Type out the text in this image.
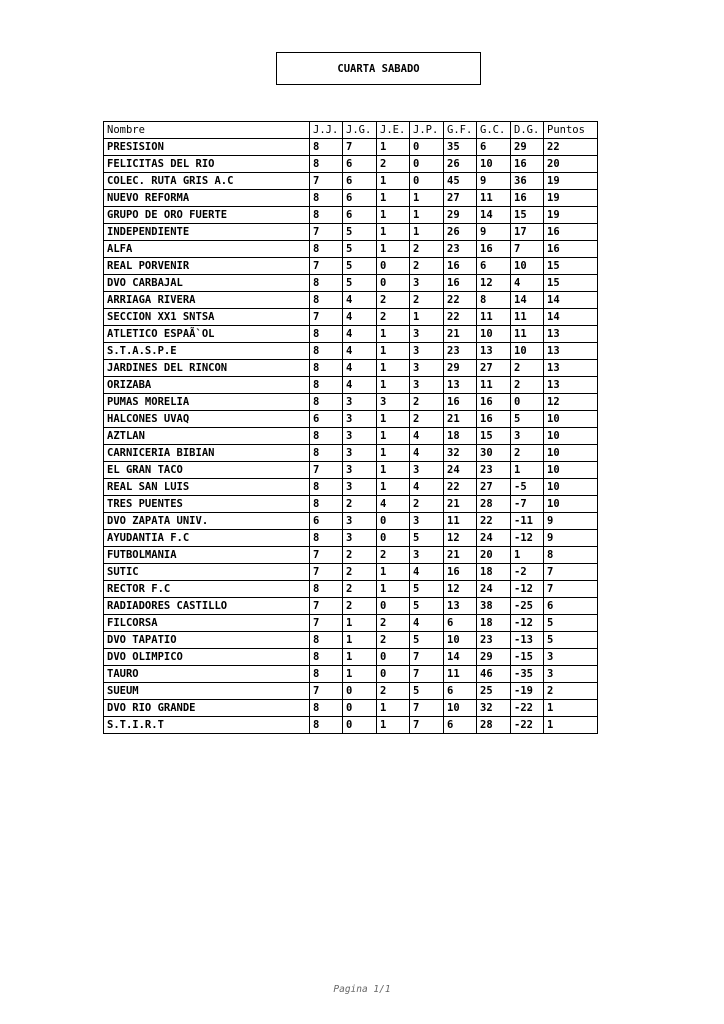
CUARTA SABADO
Nombre	J.J.	J.G.	J.E.	J.P.	G.F.	G.C.	D.G.	Puntos
PRESISION	8	7	1	0	35	6	29	22
FELICITAS DEL RIO	8	6	2	0	26	10	16	20
COLEC. RUTA GRIS A.C	7	6	1	0	45	9	36	19
NUEVO REFORMA	8	6	1	1	27	11	16	19
GRUPO DE ORO FUERTE	8	6	1	1	29	14	15	19
INDEPENDIENTE	7	5	1	1	26	9	17	16
ALFA	8	5	1	2	23	16	7	16
REAL PORVENIR	7	5	0	2	16	6	10	15
DVO CARBAJAL	8	5	0	3	16	12	4	15
ARRIAGA RIVERA	8	4	2	2	22	8	14	14
SECCION XX1 SNTSA	7	4	2	1	22	11	11	14
ATLETICO ESPAÃ`OL	8	4	1	3	21	10	11	13
S.T.A.S.P.E	8	4	1	3	23	13	10	13
JARDINES DEL RINCON	8	4	1	3	29	27	2	13
ORIZABA	8	4	1	3	13	11	2	13
PUMAS MORELIA	8	3	3	2	16	16	0	12
HALCONES UVAQ	6	3	1	2	21	16	5	10
AZTLAN	8	3	1	4	18	15	3	10
CARNICERIA BIBIAN	8	3	1	4	32	30	2	10
EL GRAN TACO	7	3	1	3	24	23	1	10
REAL SAN LUIS	8	3	1	4	22	27	-5	10
TRES PUENTES	8	2	4	2	21	28	-7	10
DVO ZAPATA UNIV.	6	3	0	3	11	22	-11	9
AYUDANTIA F.C	8	3	0	5	12	24	-12	9
FUTBOLMANIA	7	2	2	3	21	20	1	8
SUTIC	7	2	1	4	16	18	-2	7
RECTOR F.C	8	2	1	5	12	24	-12	7
RADIADORES CASTILLO	7	2	0	5	13	38	-25	6
FILCORSA	7	1	2	4	6	18	-12	5
DVO TAPATIO	8	1	2	5	10	23	-13	5
DVO OLIMPICO	8	1	0	7	14	29	-15	3
TAURO	8	1	0	7	11	46	-35	3
SUEUM	7	0	2	5	6	25	-19	2
DVO RIO GRANDE	8	0	1	7	10	32	-22	1
S.T.I.R.T	8	0	1	7	6	28	-22	1
Pagina 1/1
